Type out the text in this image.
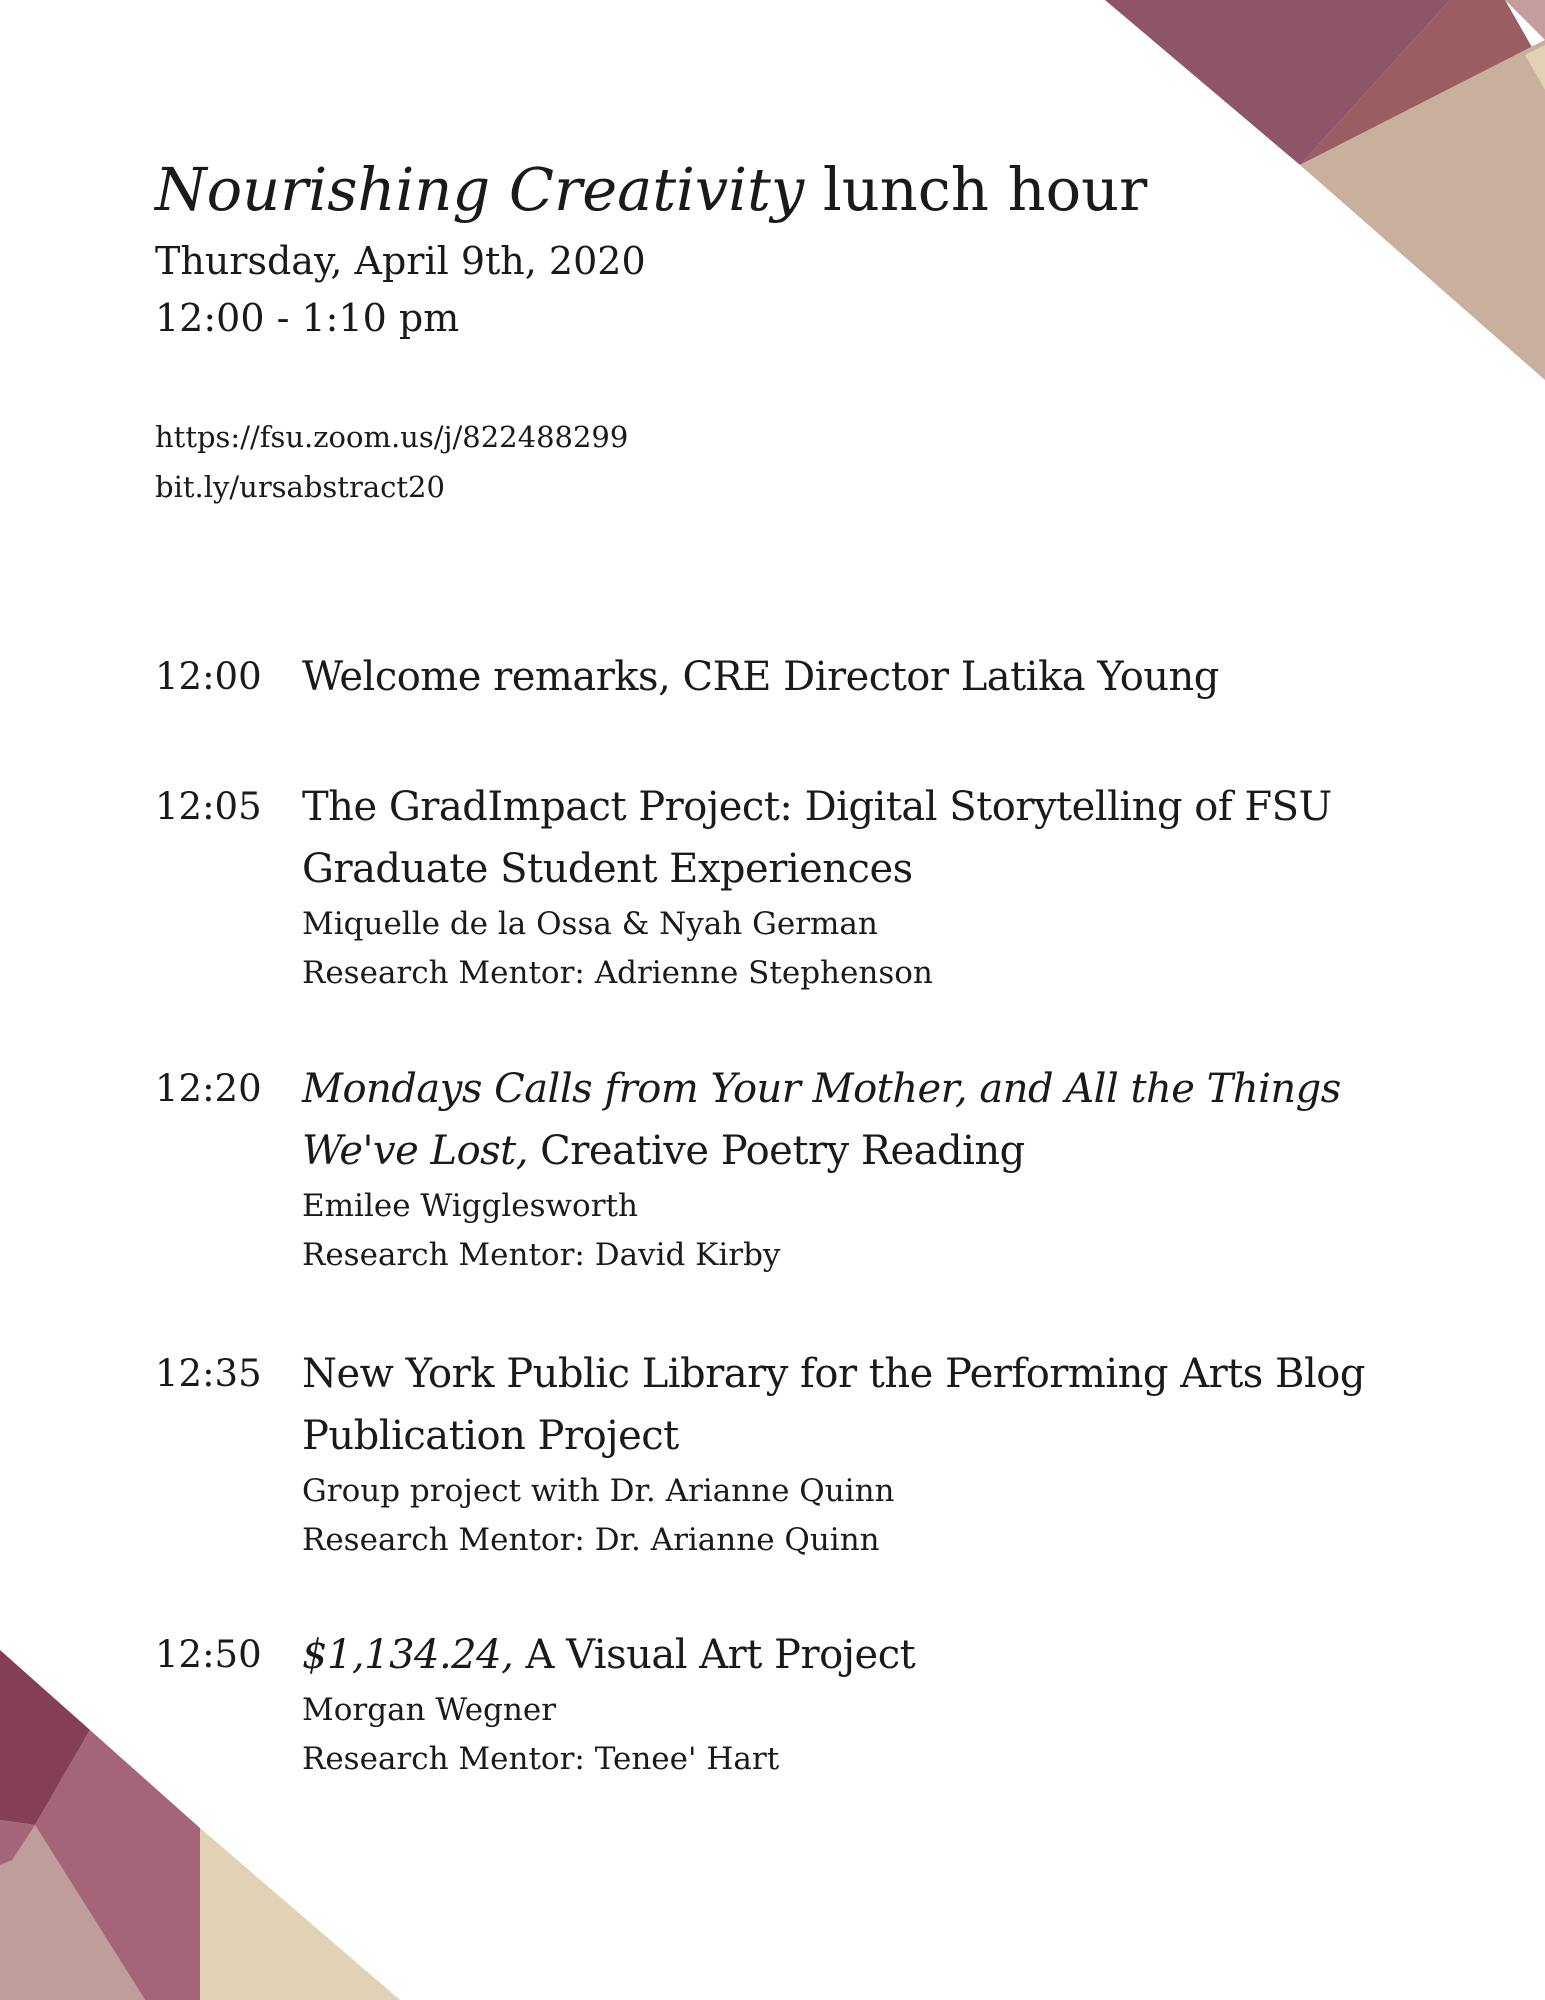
Nourishing Creativity lunch hour
Thursday, April 9th, 2020
12:00 - 1:10 pm
https://fsu.zoom.us/j/822488299
bit.ly/ursabstract20
12:00 Welcome remarks, CRE Director Latika Young
12:05 The GradImpact Project: Digital Storytelling of FSU Graduate Student Experiences
Miquelle de la Ossa & Nyah German
Research Mentor: Adrienne Stephenson
12:20 Mondays Calls from Your Mother, and All the Things We've Lost, Creative Poetry Reading
Emilee Wigglesworth
Research Mentor: David Kirby
12:35 New York Public Library for the Performing Arts Blog Publication Project
Group project with Dr. Arianne Quinn
Research Mentor: Dr. Arianne Quinn
12:50 $1,134.24, A Visual Art Project
Morgan Wegner
Research Mentor: Tenee' Hart
